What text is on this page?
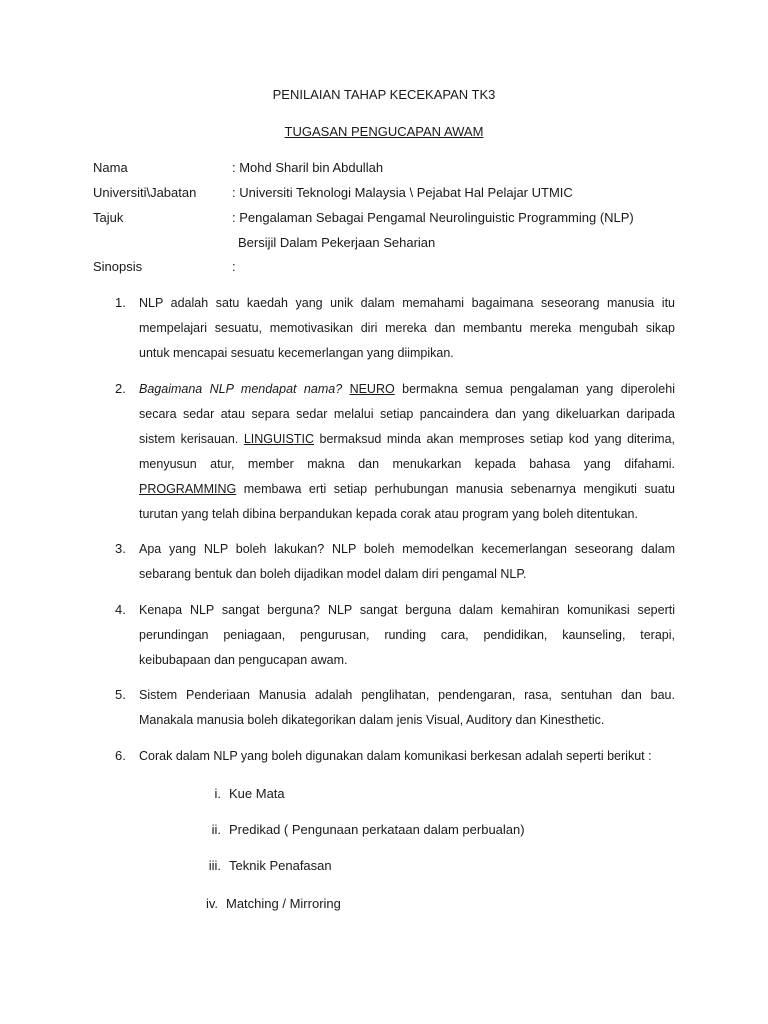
PENILAIAN TAHAP KECEKAPAN TK3
TUGASAN PENGUCAPAN AWAM
Nama	: Mohd Sharil bin Abdullah
Universiti\Jabatan	: Universiti Teknologi Malaysia \ Pejabat Hal Pelajar UTMIC
Tajuk	: Pengalaman Sebagai Pengamal Neurolinguistic Programming (NLP)
Bersijil Dalam Pekerjaan Seharian
Sinopsis	:
1. NLP adalah satu kaedah yang unik dalam memahami bagaimana seseorang manusia itu
mempelajari sesuatu, memotivasikan diri mereka dan membantu mereka mengubah sikap
untuk mencapai sesuatu kecemerlangan yang diimpikan.
2. Bagaimana NLP mendapat nama? NEURO bermakna semua pengalaman yang diperolehi
secara sedar atau separa sedar melalui setiap pancaindera dan yang dikeluarkan daripada
sistem kerisauan. LINGUISTIC bermaksud minda akan memproses setiap kod yang diterima,
menyusun atur, member makna dan menukarkan kepada bahasa yang difahami.
PROGRAMMING membawa erti setiap perhubungan manusia sebenarnya mengikuti suatu
turutan yang telah dibina berpandukan kepada corak atau program yang boleh ditentukan.
3. Apa yang NLP boleh lakukan? NLP boleh memodelkan kecemerlangan seseorang dalam
sebarang bentuk dan boleh dijadikan model dalam diri pengamal NLP.
4. Kenapa NLP sangat berguna? NLP sangat berguna dalam kemahiran komunikasi seperti
perundingan peniagaan, pengurusan, runding cara, pendidikan, kaunseling, terapi,
keibubapaan dan pengucapan awam.
5. Sistem Penderiaan Manusia adalah penglihatan, pendengaran, rasa, sentuhan dan bau.
Manakala manusia boleh dikategorikan dalam jenis Visual, Auditory dan Kinesthetic.
6. Corak dalam NLP yang boleh digunakan dalam komunikasi berkesan adalah seperti berikut :
i. Kue Mata
ii. Predikad ( Pengunaan perkataan dalam perbualan)
iii. Teknik Penafasan
iv. Matching / Mirroring
